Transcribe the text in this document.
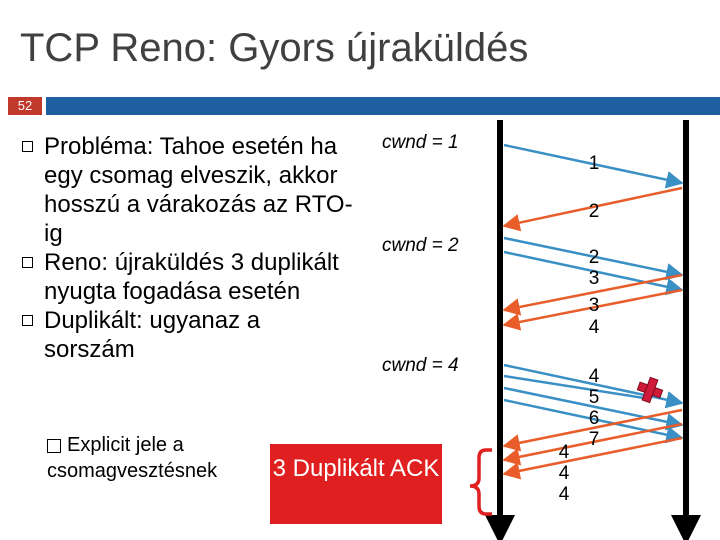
TCP Reno: Gyors újraküldés
52
Probléma: Tahoe esetén ha egy csomag elveszik, akkor hosszú a várakozás az RTO-ig
Reno: újraküldés 3 duplikált nyugta fogadása esetén
Duplikált: ugyanaz a sorszám
Explicit jele a csomagvesztésnek	3 Duplikált ACK
cwnd = 1
cwnd = 2
cwnd = 4
1
2
3
4
5
6
7
2
3
4
4
4
4
